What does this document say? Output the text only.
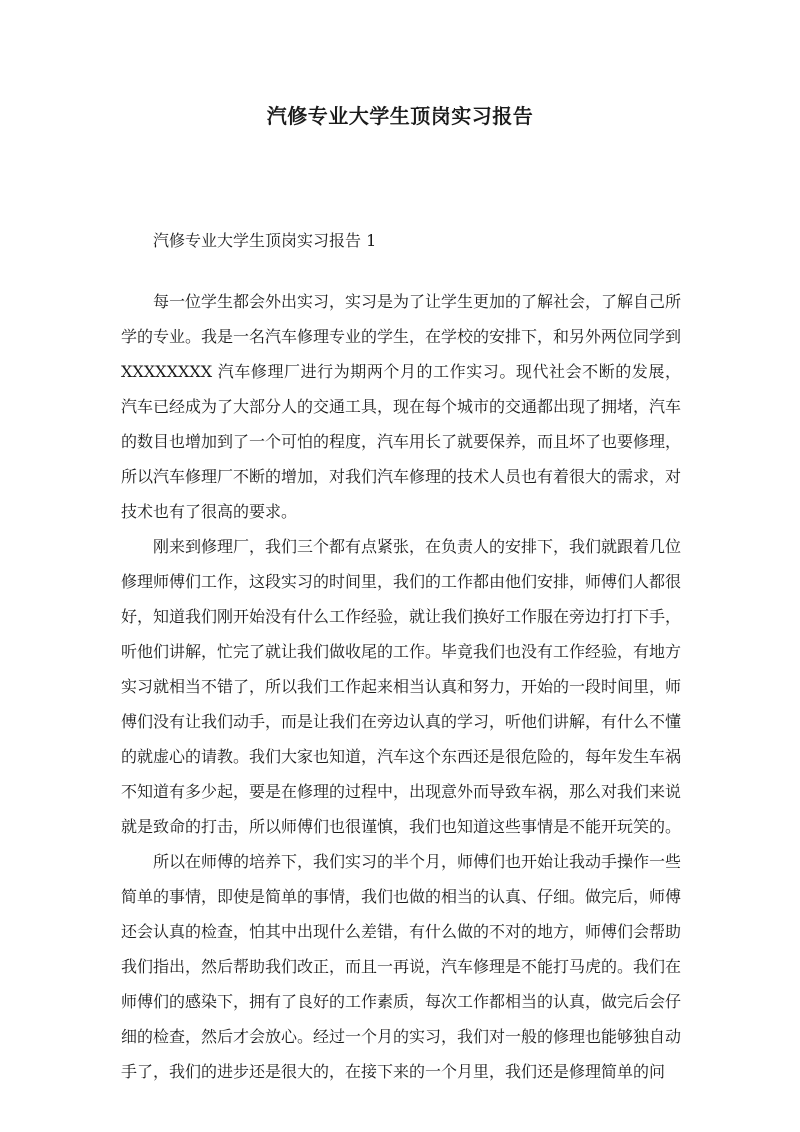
汽修专业大学生顶岗实习报告
汽修专业大学生顶岗实习报告 1

每一位学生都会外出实习，实习是为了让学生更加的了解社会，了解自己所学的专业。我是一名汽车修理专业的学生，在学校的安排下，和另外两位同学到 XXXXXXXX 汽车修理厂进行为期两个月的工作实习。现代社会不断的发展，汽车已经成为了大部分人的交通工具，现在每个城市的交通都出现了拥堵，汽车的数目也增加到了一个可怕的程度，汽车用长了就要保养，而且坏了也要修理，所以汽车修理厂不断的增加，对我们汽车修理的技术人员也有着很大的需求，对技术也有了很高的要求。

刚来到修理厂，我们三个都有点紧张，在负责人的安排下，我们就跟着几位修理师傅们工作，这段实习的时间里，我们的工作都由他们安排，师傅们人都很好，知道我们刚开始没有什么工作经验，就让我们换好工作服在旁边打打下手，听他们讲解，忙完了就让我们做收尾的工作。毕竟我们也没有工作经验，有地方实习就相当不错了，所以我们工作起来相当认真和努力，开始的一段时间里，师傅们没有让我们动手，而是让我们在旁边认真的学习，听他们讲解，有什么不懂的就虚心的请教。我们大家也知道，汽车这个东西还是很危险的，每年发生车祸不知道有多少起，要是在修理的过程中，出现意外而导致车祸，那么对我们来说就是致命的打击，所以师傅们也很谨慎，我们也知道这些事情是不能开玩笑的。

所以在师傅的培养下，我们实习的半个月，师傅们也开始让我动手操作一些简单的事情，即使是简单的事情，我们也做的相当的认真、仔细。做完后，师傅还会认真的检查，怕其中出现什么差错，有什么做的不对的地方，师傅们会帮助我们指出，然后帮助我们改正，而且一再说，汽车修理是不能打马虎的。我们在师傅们的感染下，拥有了良好的工作素质，每次工作都相当的认真，做完后会仔细的检查，然后才会放心。经过一个月的实习，我们对一般的修理也能够独自动手了，我们的进步还是很大的，在接下来的一个月里，我们还是修理简单的问
